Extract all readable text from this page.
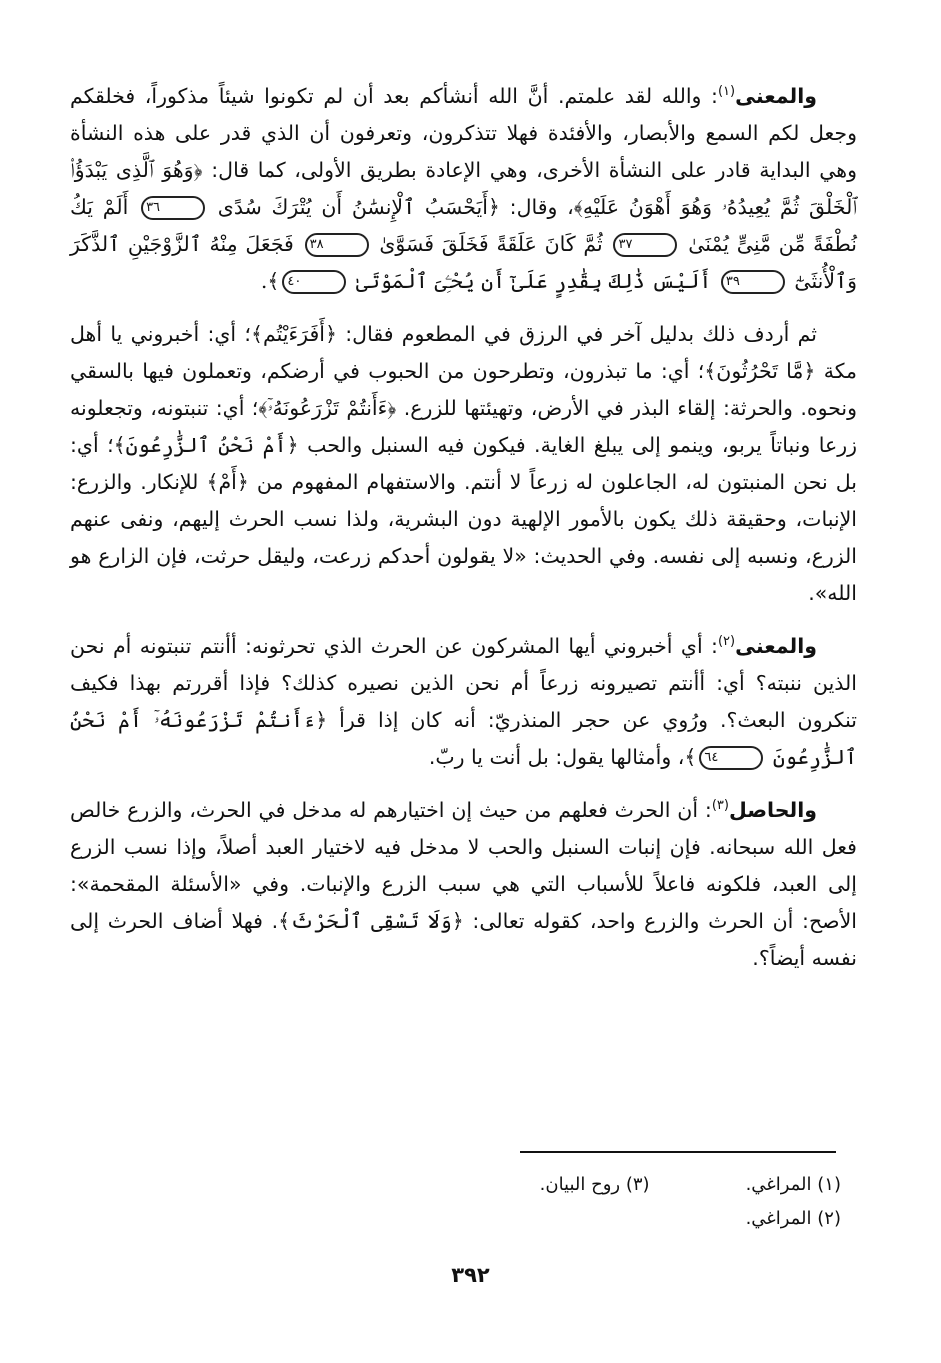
والمعنى$^{(١)}$: والله لقد علمتم. أنَّ الله أنشأكم بعد أن لم تكونوا شيئاً مذكوراً، فخلقكم وجعل لكم السمع والأبصار، والأفئدة فهلا تتذكرون، وتعرفون أن الذي قدر على هذه النشأة وهي البداية قادر على النشأة الأخرى، وهي الإعادة بطريق الأولى، كما قال: ﴿وَهُوَ ٱلَّذِى يَبْدَؤُا۟ ٱلْخَلْقَ ثُمَّ يُعِيدُهُۥ وَهُوَ أَهْوَنُ عَلَيْهِ﴾، وقال: ﴿أَيَحْسَبُ ٱلْإِنسَٰنُ أَن يُتْرَكَ سُدًى ٣٦ أَلَمْ يَكُ نُطْفَةً مِّن مَّنِىٍّ يُمْنَىٰ ٣٧ ثُمَّ كَانَ عَلَقَةً فَخَلَقَ فَسَوَّىٰ ٣٨ فَجَعَلَ مِنْهُ ٱلزَّوْجَيْنِ ٱلذَّكَرَ وَٱلْأُنثَىٰٓ ٣٩ أَلَيْسَ ذَٰلِكَ بِقَٰدِرٍ عَلَىٰٓ أَن يُحْـِۧىَ ٱلْمَوْتَىٰ ٤٠﴾.

ثم أردف ذلك بدليل آخر في الرزق في المطعوم فقال: ﴿أَفَرَءَيْتُم﴾؛ أي: أخبروني يا أهل مكة ﴿مَّا تَحْرُثُونَ﴾؛ أي: ما تبذرون، وتطرحون من الحبوب في أرضكم، وتعملون فيها بالسقي ونحوه. والحرثة: إلقاء البذر في الأرض، وتهيئتها للزرع. ﴿ءَأَنتُمْ تَزْرَعُونَهُۥٓ﴾؛ أي: تنبتونه، وتجعلونه زرعا ونباتاً يربو، وينمو إلى يبلغ الغاية. فيكون فيه السنبل والحب ﴿أَمْ نَحْنُ ٱلزَّٰرِعُونَ﴾؛ أي: بل نحن المنبتون له، الجاعلون له زرعاً لا أنتم. والاستفهام المفهوم من ﴿أَمْ﴾ للإنكار. والزرع: الإنبات، وحقيقة ذلك يكون بالأمور الإلهية دون البشرية، ولذا نسب الحرث إليهم، ونفى عنهم الزرع، ونسبه إلى نفسه. وفي الحديث: «لا يقولون أحدكم زرعت، وليقل حرثت، فإن الزارع هو الله».

والمعنى$^{(٢)}$: أي أخبروني أيها المشركون عن الحرث الذي تحرثونه: أأنتم تنبتونه أم نحن الذين ننبته؟ أي: أأنتم تصيرونه زرعاً أم نحن الذين نصيره كذلك؟ فإذا أقررتم بهذا فكيف تنكرون البعث؟. ورُوي عن حجر المنذريّ: أنه كان إذا قرأ ﴿ءَأَنتُمْ تَزْرَعُونَهُۥٓ أَمْ نَحْنُ ٱلزَّٰرِعُونَ ٦٤﴾، وأمثالها يقول: بل أنت يا ربّ.

والحاصل$^{(٣)}$: أن الحرث فعلهم من حيث إن اختيارهم له مدخل في الحرث، والزرع خالص فعل الله سبحانه. فإن إنبات السنبل والحب لا مدخل فيه لاختيار العبد أصلاً، وإذا نسب الزرع إلى العبد، فلكونه فاعلاً للأسباب التي هي سبب الزرع والإنبات. وفي «الأسئلة المقحمة»: الأصح: أن الحرث والزرع واحد، كقوله تعالى: ﴿وَلَا تَسْقِى ٱلْحَرْثَ﴾. فهلا أضاف الحرث إلى نفسه أيضاً؟.

(١) المراغي.
(٣) روح البيان.
(٢) المراغي.
٣٩٢
